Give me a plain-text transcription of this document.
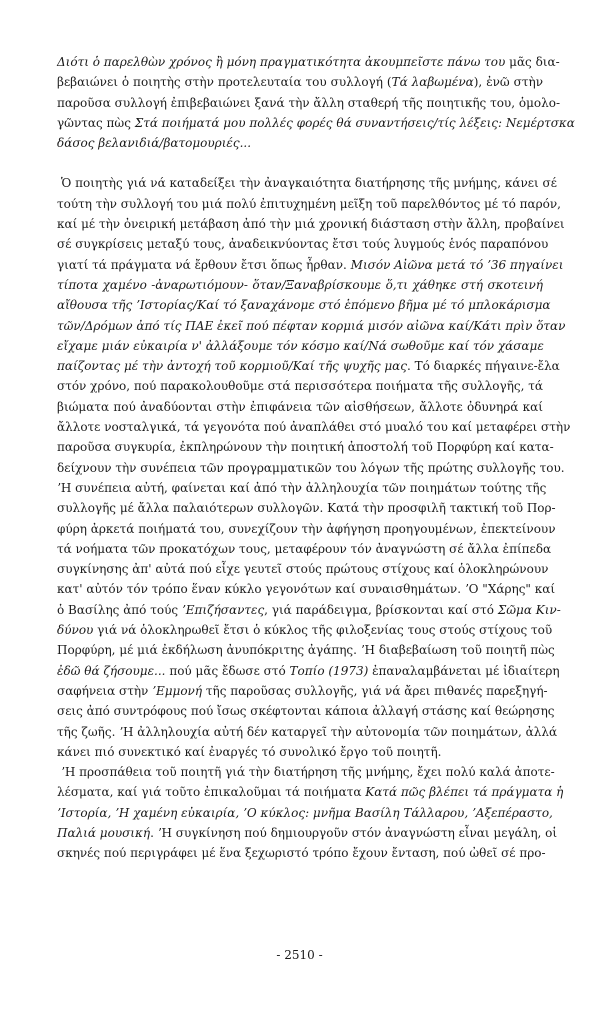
Διότι ὁ παρελθὼν χρόνος ἢ μόνη πραγματικότητα ἀκουμπεῖστε πάνω του μᾶς δια-
βεβαιώνει ὁ ποιητὴς στὴν προτελευταία του συλλογή (Τά λαβωμένα), ἐνῶ στὴν
παροῦσα συλλογή ἐπιβεβαιώνει ξανά τὴν ἄλλη σταθερή τῆς ποιητικῆς του, ὁμολο-
γῶντας πὼς Στά ποιήματά μου πολλές φορές θά συναντήσεις/τίς λέξεις: Νεμέρτσκα
δάσος βελανιδιά/βατομουριές...
Ὁ ποιητὴς γιά νά καταδείξει τὴν ἀναγκαιότητα διατήρησης τῆς μνήμης, κάνει σέ
τούτη τὴν συλλογή του μιά πολύ ἐπιτυχημένη μεῖξη τοῦ παρελθόντος μέ τό παρόν,
καί μέ τὴν ὀνειρική μετάβαση ἀπό τὴν μιά χρονική διάσταση στὴν ἄλλη, προβαίνει
σέ συγκρίσεις μεταξύ τους, ἀναδεικνύοντας ἔτσι τούς λυγμούς ἑνός παραπόνου
γιατί τά πράγματα νά ἔρθουν ἔτσι ὅπως ἦρθαν. Μισόν Αἰῶνα μετά τό ʼ36 πηγαίνει
τίποτα χαμένο -ἀναρωτιόμουν- ὅταν/Ξαναβρίσκουμε ὅ,τι χάθηκε στή σκοτεινή
αἴθουσα τῆς ʼΙστορίας/Καί τό ξαναχάνομε στό ἑπόμενο βῆμα μέ τό μπλοκάρισμα
τῶν/Δρόμων ἀπό τίς ΠΑΕ ἐκεῖ πού πέφταν κορμιά μισόν αἰῶνα καί/Κάτι πρὶν ὅταν
εἴχαμε μιάν εὐκαιρία ν' ἀλλάξουμε τόν κόσμο καί/Νά σωθοῦμε καί τόν χάσαμε
παίζοντας μέ τὴν ἀντοχή τοῦ κορμιοῦ/Καί τῆς ψυχῆς μας. Τό διαρκές πήγαινε-ἔλα
στόν χρόνο, πού παρακολουθοῦμε στά περισσότερα ποιήματα τῆς συλλογῆς, τά
βιώματα πού ἀναδύονται στὴν ἐπιφάνεια τῶν αἰσθήσεων, ἄλλοτε ὀδυνηρά καί
ἄλλοτε νοσταλγικά, τά γεγονότα πού ἀναπλάθει στό μυαλό του καί μεταφέρει στὴν
παροῦσα συγκυρία, ἐκπληρώνουν τὴν ποιητική ἀποστολή τοῦ Πορφύρη καί κατα-
δείχνουν τὴν συνέπεια τῶν προγραμματικῶν του λόγων τῆς πρώτης συλλογῆς του.
ʼΗ συνέπεια αὐτή, φαίνεται καί ἀπό τὴν ἀλληλουχία τῶν ποιημάτων τούτης τῆς
συλλογῆς μέ ἄλλα παλαιότερων συλλογῶν. Κατά τὴν προσφιλῆ τακτική τοῦ Πορ-
φύρη ἀρκετά ποιήματά του, συνεχίζουν τὴν ἀφήγηση προηγουμένων, ἐπεκτείνουν
τά νοήματα τῶν προκατόχων τους, μεταφέρουν τόν ἀναγνώστη σέ ἄλλα ἐπίπεδα
συγκίνησης ἀπ' αὐτά πού εἶχε γευτεῖ στούς πρώτους στίχους καί ὁλοκληρώνουν
κατ' αὐτόν τόν τρόπο ἕναν κύκλο γεγονότων καί συναισθημάτων. ʼΟ "Χάρης" καί
ὁ Βασίλης ἀπό τούς ʼΕπιζήσαντες, γιά παράδειγμα, βρίσκονται καί στό Σῶμα Κιν-
δύνου γιά νά ὁλοκληρωθεῖ ἔτσι ὁ κύκλος τῆς φιλοξενίας τους στούς στίχους τοῦ
Πορφύρη, μέ μιά ἐκδήλωση ἀνυπόκριτης ἀγάπης. ʼΗ διαβεβαίωση τοῦ ποιητῆ πὼς
ἐδῶ θά ζήσουμε... πού μᾶς ἔδωσε στό Τοπίο (1973) ἐπαναλαμβάνεται μέ ἰδιαίτερη
σαφήνεια στὴν ʼΕμμονή τῆς παροῦσας συλλογῆς, γιά νά ἄρει πιθανές παρεξηγή-
σεις ἀπό συντρόφους πού ἴσως σκέφτονται κάποια ἀλλαγή στάσης καί θεώρησης
τῆς ζωῆς. ʼΗ ἀλληλουχία αὐτή δέν καταργεῖ τὴν αὐτονομία τῶν ποιημάτων, ἀλλά
κάνει πιό συνεκτικό καί ἐναργές τό συνολικό ἔργο τοῦ ποιητῆ.
ʼΗ προσπάθεια τοῦ ποιητῆ γιά τὴν διατήρηση τῆς μνήμης, ἔχει πολύ καλά ἀποτε-
λέσματα, καί γιά τοῦτο ἐπικαλοῦμαι τά ποιήματα Κατά πῶς βλέπει τά πράγματα ἡ
ʼΙστορία, ʼΗ χαμένη εὐκαιρία, ʼΟ κύκλος: μνῆμα Βασίλη Τάλλαρου, ʼΑξεπέραστο,
Παλιά μουσική. ʼΗ συγκίνηση πού δημιουργοῦν στόν ἀναγνώστη εἶναι μεγάλη, οἱ
σκηνές πού περιγράφει μέ ἕνα ξεχωριστό τρόπο ἔχουν ἔνταση, πού ὠθεῖ σέ προ-
- 2510 -
